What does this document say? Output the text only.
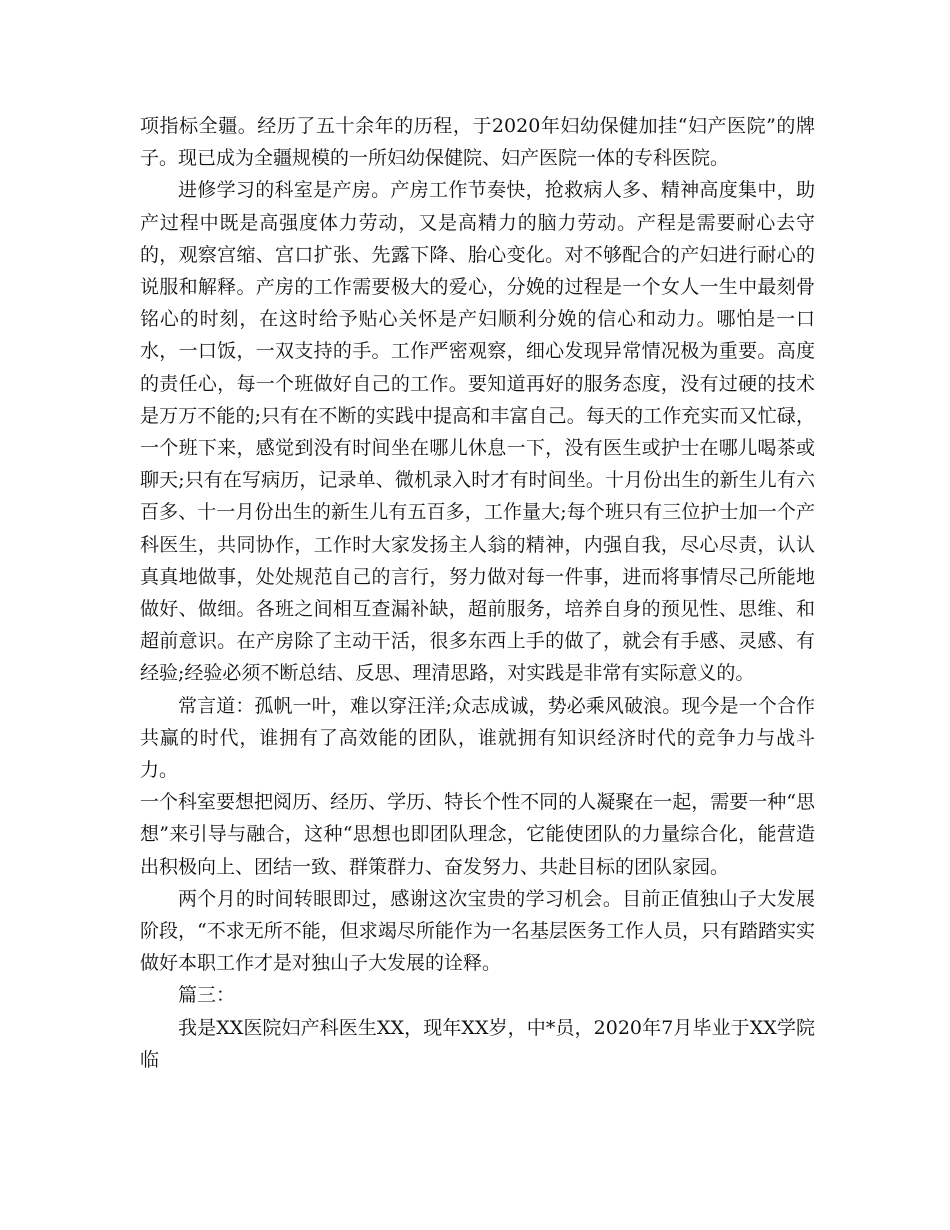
项指标全疆。经历了五十余年的历程，于2020年妇幼保健加挂“妇产医院”的牌子。现已成为全疆规模的一所妇幼保健院、妇产医院一体的专科医院。

进修学习的科室是产房。产房工作节奏快，抢救病人多、精神高度集中，助产过程中既是高强度体力劳动，又是高精力的脑力劳动。产程是需要耐心去守的，观察宫缩、宫口扩张、先露下降、胎心变化。对不够配合的产妇进行耐心的说服和解释。产房的工作需要极大的爱心，分娩的过程是一个女人一生中最刻骨铭心的时刻，在这时给予贴心关怀是产妇顺利分娩的信心和动力。哪怕是一口水，一口饭，一双支持的手。工作严密观察，细心发现异常情况极为重要。高度的责任心，每一个班做好自己的工作。要知道再好的服务态度，没有过硬的技术是万万不能的;只有在不断的实践中提高和丰富自己。每天的工作充实而又忙碌，一个班下来，感觉到没有时间坐在哪儿休息一下，没有医生或护士在哪儿喝茶或聊天;只有在写病历，记录单、微机录入时才有时间坐。十月份出生的新生儿有六百多、十一月份出生的新生儿有五百多，工作量大;每个班只有三位护士加一个产科医生，共同协作，工作时大家发扬主人翁的精神，内强自我，尽心尽责，认认真真地做事，处处规范自己的言行，努力做对每一件事，进而将事情尽己所能地做好、做细。各班之间相互查漏补缺，超前服务，培养自身的预见性、思维、和超前意识。在产房除了主动干活，很多东西上手的做了，就会有手感、灵感、有经验;经验必须不断总结、反思、理清思路，对实践是非常有实际意义的。

常言道：孤帆一叶，难以穿汪洋;众志成诚，势必乘风破浪。现今是一个合作共赢的时代，谁拥有了高效能的团队，谁就拥有知识经济时代的竞争力与战斗力。

一个科室要想把阅历、经历、学历、特长个性不同的人凝聚在一起，需要一种“思想”来引导与融合，这种“思想也即团队理念，它能使团队的力量综合化，能营造出积极向上、团结一致、群策群力、奋发努力、共赴目标的团队家园。

两个月的时间转眼即过，感谢这次宝贵的学习机会。目前正值独山子大发展阶段，“不求无所不能，但求竭尽所能作为一名基层医务工作人员，只有踏踏实实做好本职工作才是对独山子大发展的诠释。

篇三：

我是XX医院妇产科医生XX，现年XX岁，中*员，2020年7月毕业于XX学院临
